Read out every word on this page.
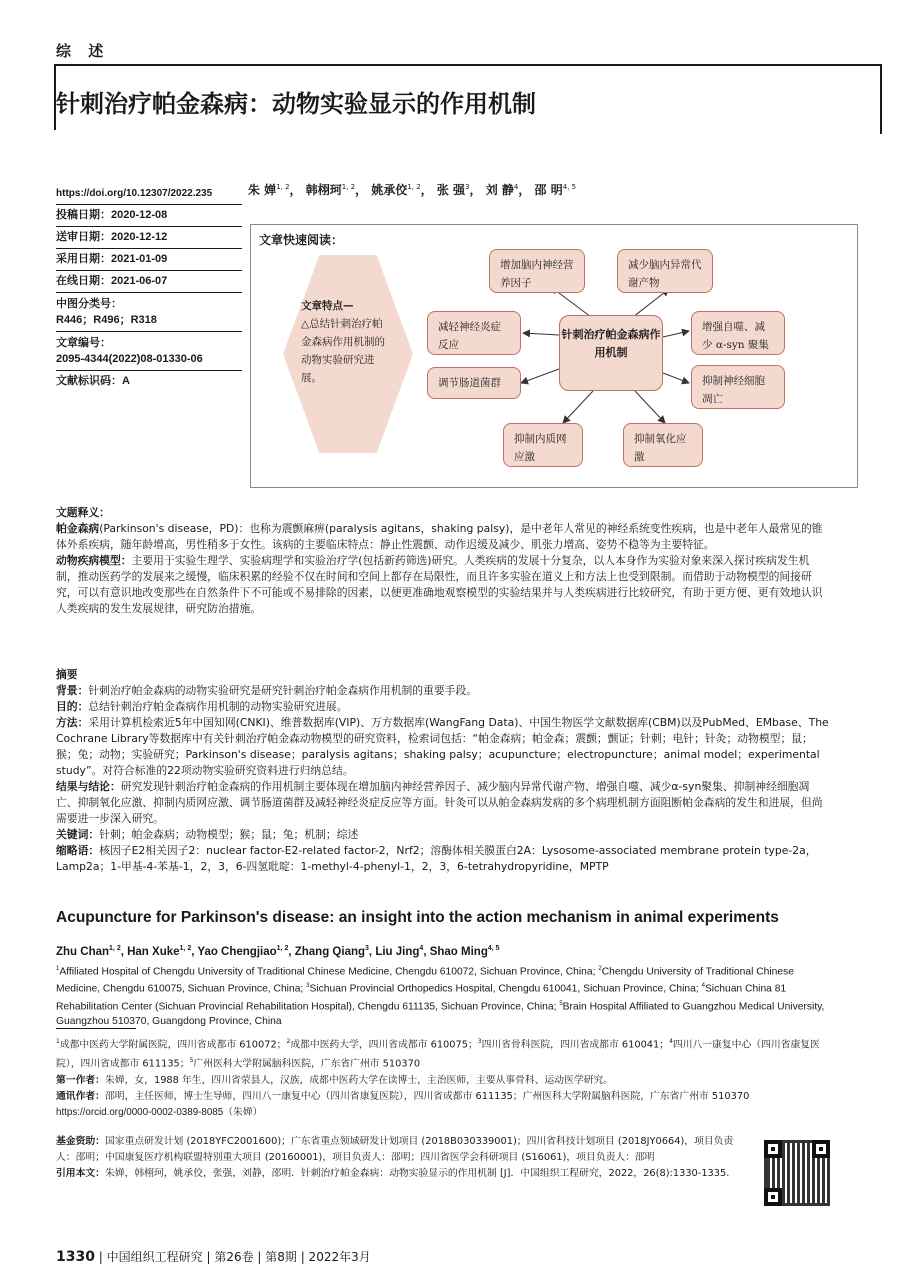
综 述
针刺治疗帕金森病：动物实验显示的作用机制
https://doi.org/10.12307/2022.235
投稿日期：2020-12-08
送审日期：2020-12-12
采用日期：2021-01-09
在线日期：2021-06-07
中图分类号：
R446；R496；R318
文章编号：
2095-4344(2022)08-01330-06
文献标识码：A
朱 婵$^{1, 2}$， 韩栩珂$^{1, 2}$， 姚承佼$^{1, 2}$， 张 强$^3$， 刘 静$^4$， 邵 明$^{4, 5}$
文章快速阅读：
文章特点—
△总结针刺治疗帕金森病作用机制的动物实验研究进展。
增加脑内神经营养因子
减少脑内异常代谢产物
减轻神经炎症反应
针刺治疗帕金森病作用机制
增强自噬、减少 α-syn 聚集
调节肠道菌群	抑制神经细胞凋亡
抑制内质网应激
抑制氧化应激
文题释义：
帕金森病(Parkinson's disease，PD)：也称为震颤麻痹(paralysis agitans，shaking palsy)，是中老年人常见的神经系统变性疾病，也是中老年人最常见的锥体外系疾病，随年龄增高，男性稍多于女性。该病的主要临床特点：静止性震颤、动作迟缓及减少、肌张力增高、姿势不稳等为主要特征。
动物疾病模型：主要用于实验生理学、实验病理学和实验治疗学(包括新药筛选)研究。人类疾病的发展十分复杂，以人本身作为实验对象来深入探讨疾病发生机制，推动医药学的发展来之缓慢，临床积累的经验不仅在时间和空间上都存在局限性，而且许多实验在道义上和方法上也受到限制。而借助于动物模型的间接研究，可以有意识地改变那些在自然条件下不可能或不易排除的因素，以便更准确地观察模型的实验结果并与人类疾病进行比较研究，有助于更方便、更有效地认识人类疾病的发生发展规律，研究防治措施。
摘要
背景：针刺治疗帕金森病的动物实验研究是研究针刺治疗帕金森病作用机制的重要手段。
目的：总结针刺治疗帕金森病作用机制的动物实验研究进展。
方法：采用计算机检索近5年中国知网(CNKI)、维普数据库(VIP)、万方数据库(WangFang Data)、中国生物医学文献数据库(CBM)以及PubMed、EMbase、The Cochrane Library等数据库中有关针刺治疗帕金森动物模型的研究资料，检索词包括：“帕金森病；帕金森；震颤；颤证；针刺；电针；针灸；动物模型；鼠；猴；兔；动物；实验研究；Parkinson's disease；paralysis agitans；shaking palsy；acupuncture；electropuncture；animal model；experimental study”。对符合标准的22项动物实验研究资料进行归纳总结。
结果与结论：研究发现针刺治疗帕金森病的作用机制主要体现在增加脑内神经营养因子、减少脑内异常代谢产物、增强自噬、减少α-syn聚集、抑制神经细胞凋亡、抑制氧化应激、抑制内质网应激、调节肠道菌群及减轻神经炎症反应等方面。针灸可以从帕金森病发病的多个病理机制方面阻断帕金森病的发生和进展，但尚需要进一步深入研究。
关键词：针刺；帕金森病；动物模型；猴；鼠；兔；机制；综述
缩略语：核因子E2相关因子2：nuclear factor-E2-related factor-2，Nrf2；溶酶体相关膜蛋白2A：Lysosome-associated membrane protein type-2a，Lamp2a；1-甲基-4-苯基-1，2，3，6-四氢吡啶：1-methyl-4-phenyl-1，2，3，6-tetrahydropyridine，MPTP
Acupuncture for Parkinson's disease: an insight into the action mechanism in animal experiments
Zhu Chan$^{1, 2}$, Han Xuke$^{1, 2}$, Yao Chengjiao$^{1, 2}$, Zhang Qiang$^3$, Liu Jing$^4$, Shao Ming$^{4, 5}$
$^1$Affiliated Hospital of Chengdu University of Traditional Chinese Medicine, Chengdu 610072, Sichuan Province, China; $^2$Chengdu University of Traditional Chinese Medicine, Chengdu 610075, Sichuan Province, China; $^3$Sichuan Provincial Orthopedics Hospital, Chengdu 610041, Sichuan Province, China; $^4$Sichuan China 81 Rehabilitation Center (Sichuan Provincial Rehabilitation Hospital), Chengdu 611135, Sichuan Province, China; $^5$Brain Hospital Affiliated to Guangzhou Medical University, Guangzhou 510370, Guangdong Province, China
$^1$成都中医药大学附属医院，四川省成都市 610072；$^2$成都中医药大学，四川省成都市 610075；$^3$四川省骨科医院，四川省成都市 610041；$^4$四川八一康复中心（四川省康复医院），四川省成都市 611135；$^5$广州医科大学附属脑科医院，广东省广州市 510370
第一作者：朱婵，女，1988 年生，四川省荥县人，汉族，成都中医药大学在读博士，主治医师，主要从事骨科、运动医学研究。
通讯作者：邵明，主任医师，博士生导师，四川八一康复中心（四川省康复医院），四川省成都市 611135；广州医科大学附属脑科医院，广东省广州市 510370
https://orcid.org/0000-0002-0389-8085（朱婵）
基金资助：国家重点研发计划 (2018YFC2001600)；广东省重点领域研发计划项目 (2018B030339001)；四川省科技计划项目 (2018JY0664)，项目负责人：邵明；中国康复医疗机构联盟特别重大项目 (20160001)，项目负责人：邵明；四川省医学会科研项目 (S16061)，项目负责人：邵明
引用本文：朱婵，韩栩珂，姚承佼，张强，刘静，邵明．针刺治疗帕金森病：动物实验显示的作用机制 [J]．中国组织工程研究，2022，26(8):1330-1335.
1330 | 中国组织工程研究 | 第26卷 | 第8期 | 2022年3月
